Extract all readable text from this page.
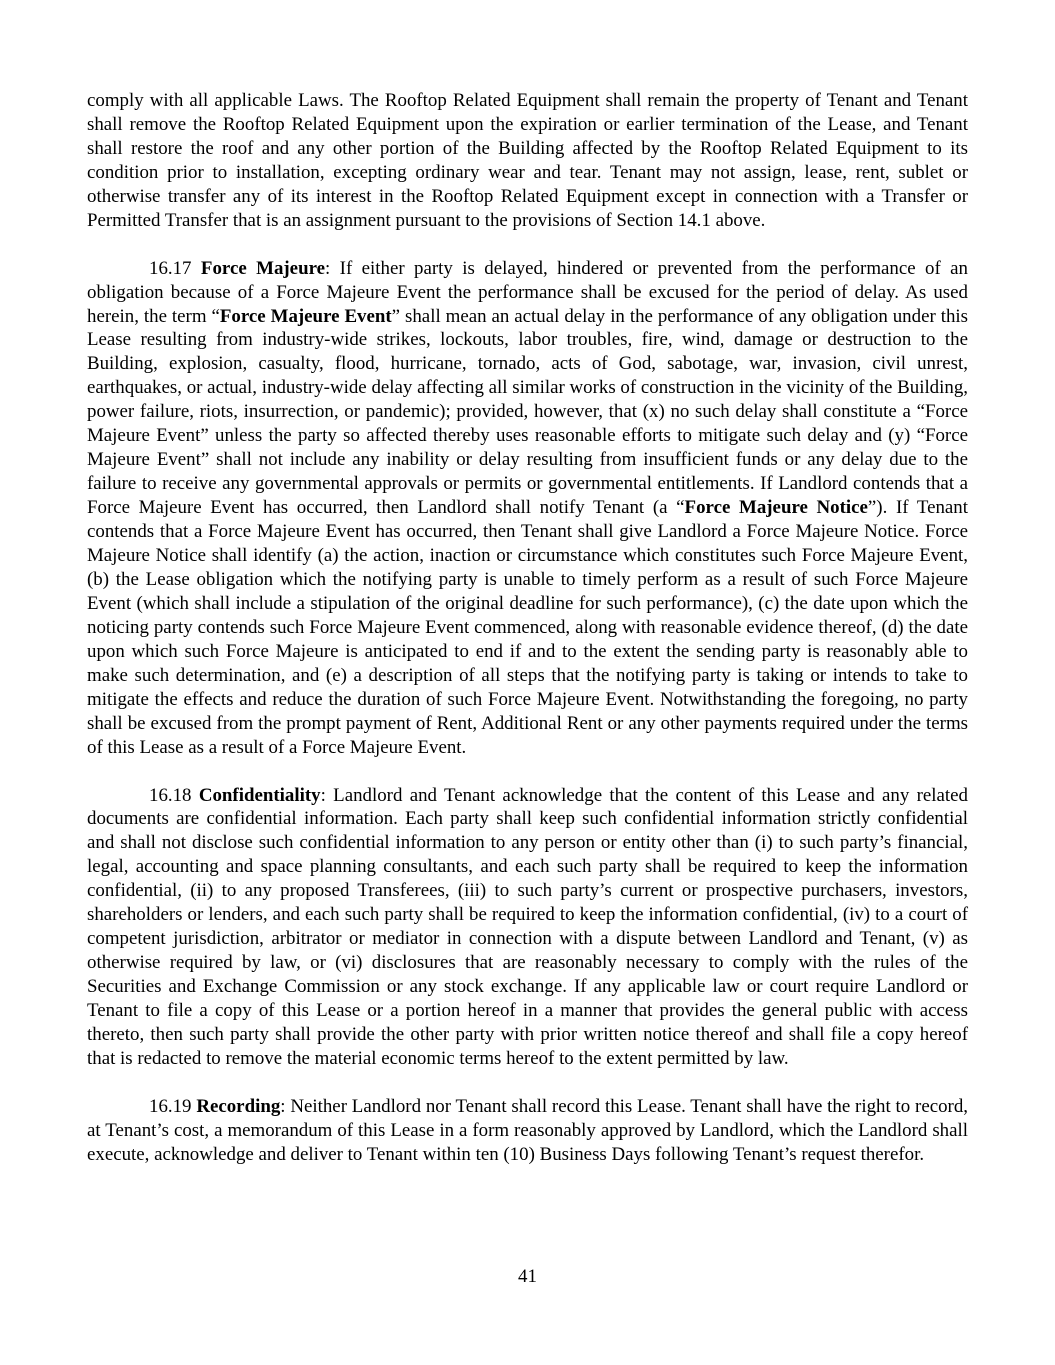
comply with all applicable Laws. The Rooftop Related Equipment shall remain the property of Tenant and Tenant shall remove the Rooftop Related Equipment upon the expiration or earlier termination of the Lease, and Tenant shall restore the roof and any other portion of the Building affected by the Rooftop Related Equipment to its condition prior to installation, excepting ordinary wear and tear. Tenant may not assign, lease, rent, sublet or otherwise transfer any of its interest in the Rooftop Related Equipment except in connection with a Transfer or Permitted Transfer that is an assignment pursuant to the provisions of Section 14.1 above.

16.17 Force Majeure: If either party is delayed, hindered or prevented from the performance of an obligation because of a Force Majeure Event the performance shall be excused for the period of delay. As used herein, the term “Force Majeure Event” shall mean an actual delay in the performance of any obligation under this Lease resulting from industry-wide strikes, lockouts, labor troubles, fire, wind, damage or destruction to the Building, explosion, casualty, flood, hurricane, tornado, acts of God, sabotage, war, invasion, civil unrest, earthquakes, or actual, industry-wide delay affecting all similar works of construction in the vicinity of the Building, power failure, riots, insurrection, or pandemic); provided, however, that (x) no such delay shall constitute a “Force Majeure Event” unless the party so affected thereby uses reasonable efforts to mitigate such delay and (y) “Force Majeure Event” shall not include any inability or delay resulting from insufficient funds or any delay due to the failure to receive any governmental approvals or permits or governmental entitlements. If Landlord contends that a Force Majeure Event has occurred, then Landlord shall notify Tenant (a “Force Majeure Notice”). If Tenant contends that a Force Majeure Event has occurred, then Tenant shall give Landlord a Force Majeure Notice. Force Majeure Notice shall identify (a) the action, inaction or circumstance which constitutes such Force Majeure Event, (b) the Lease obligation which the notifying party is unable to timely perform as a result of such Force Majeure Event (which shall include a stipulation of the original deadline for such performance), (c) the date upon which the noticing party contends such Force Majeure Event commenced, along with reasonable evidence thereof, (d) the date upon which such Force Majeure is anticipated to end if and to the extent the sending party is reasonably able to make such determination, and (e) a description of all steps that the notifying party is taking or intends to take to mitigate the effects and reduce the duration of such Force Majeure Event. Notwithstanding the foregoing, no party shall be excused from the prompt payment of Rent, Additional Rent or any other payments required under the terms of this Lease as a result of a Force Majeure Event.

16.18 Confidentiality: Landlord and Tenant acknowledge that the content of this Lease and any related documents are confidential information. Each party shall keep such confidential information strictly confidential and shall not disclose such confidential information to any person or entity other than (i) to such party’s financial, legal, accounting and space planning consultants, and each such party shall be required to keep the information confidential, (ii) to any proposed Transferees, (iii) to such party’s current or prospective purchasers, investors, shareholders or lenders, and each such party shall be required to keep the information confidential, (iv) to a court of competent jurisdiction, arbitrator or mediator in connection with a dispute between Landlord and Tenant, (v) as otherwise required by law, or (vi) disclosures that are reasonably necessary to comply with the rules of the Securities and Exchange Commission or any stock exchange. If any applicable law or court require Landlord or Tenant to file a copy of this Lease or a portion hereof in a manner that provides the general public with access thereto, then such party shall provide the other party with prior written notice thereof and shall file a copy hereof that is redacted to remove the material economic terms hereof to the extent permitted by law.

16.19 Recording: Neither Landlord nor Tenant shall record this Lease. Tenant shall have the right to record, at Tenant’s cost, a memorandum of this Lease in a form reasonably approved by Landlord, which the Landlord shall execute, acknowledge and deliver to Tenant within ten (10) Business Days following Tenant’s request therefor.

41
